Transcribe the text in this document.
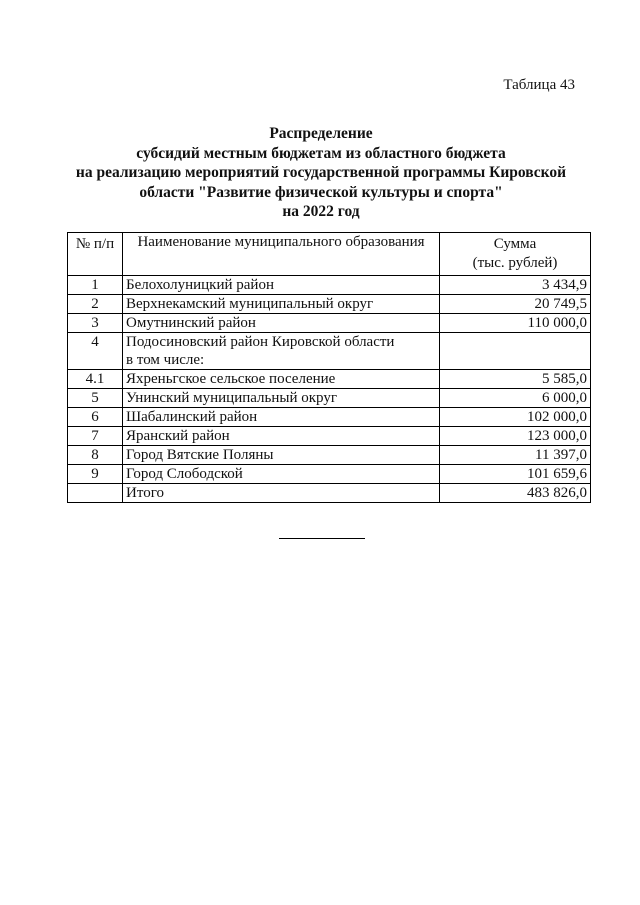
Таблица 43
Распределение
субсидий местным бюджетам из областного бюджета
на реализацию мероприятий государственной программы Кировской
области "Развитие физической культуры и спорта"
на 2022 год
№ п/п	Наименование муниципального образования	Сумма
(тыс. рублей)

1	Белохолуницкий район	3 434,9
2	Верхнекамский муниципальный округ	20 749,5
3	Омутнинский район	110 000,0
4	Подосиновский район Кировской области	
	в том числе:	
4.1	Яхреньгское сельское поселение	5 585,0
5	Унинский муниципальный округ	6 000,0
6	Шабалинский район	102 000,0
7	Яранский район	123 000,0
8	Город Вятские Поляны	11 397,0
9	Город Слободской	101 659,6
	Итого	483 826,0
